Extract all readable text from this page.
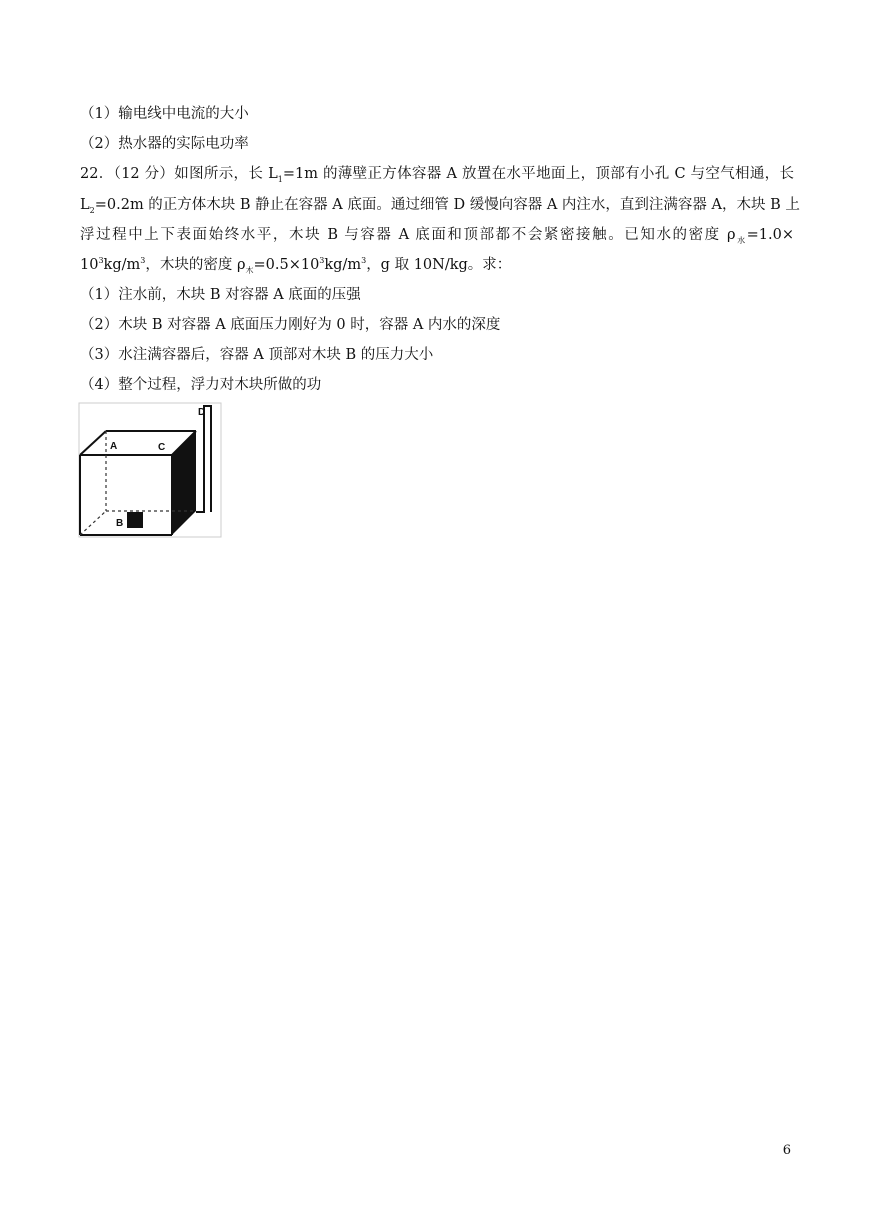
（1）输电线中电流的大小
（2）热水器的实际电功率
22．（12 分）如图所示，长 $L_1=1m$ 的薄壁正方体容器 A 放置在水平地面上，顶部有小孔 C 与空气相通，长
$L_2=0.2m$ 的正方体木块 B 静止在容器 A 底面。通过细管 D 缓慢向容器 A 内注水，直到注满容器 A，木块 B 上
浮过程中上下表面始终水平，木块 B 与容器 A 底面和顶部都不会紧密接触。已知水的密度 $\rho_水=1.0\times$
$10^3kg/m^3$，木块的密度 $\rho_木=0.5\times 10^3kg/m^3$，g 取 10N/kg。求：
（1）注水前，木块 B 对容器 A 底面的压强
（2）木块 B 对容器 A 底面压力刚好为 0 时，容器 A 内水的深度
（3）水注满容器后，容器 A 顶部对木块 B 的压力大小
（4）整个过程，浮力对木块所做的功
A	C
B
D
6
